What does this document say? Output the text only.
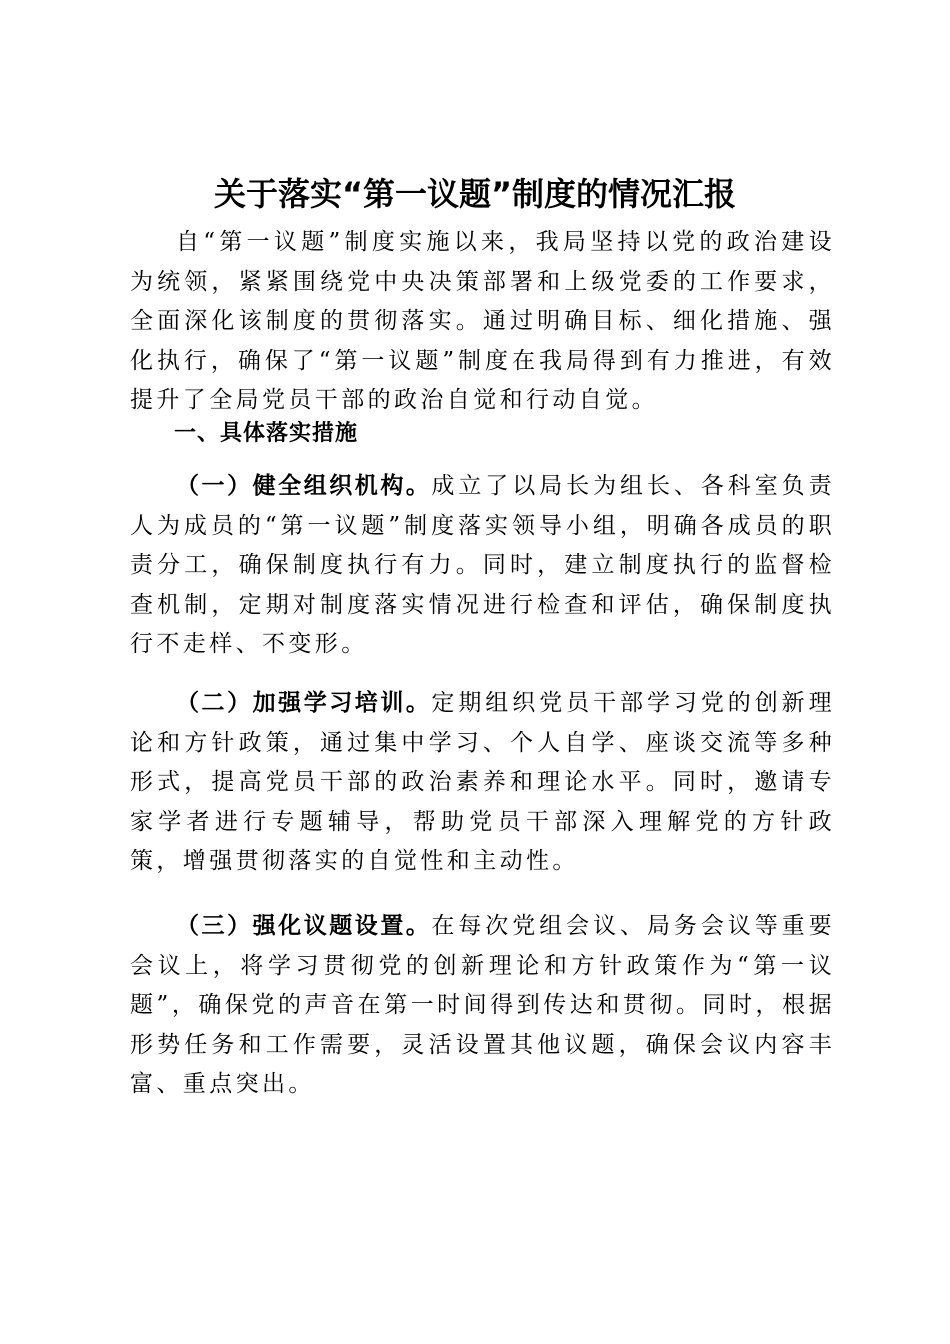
关于落实“第一议题”制度的情况汇报

自“第一议题”制度实施以来，我局坚持以党的政治建设为统领，紧紧围绕党中央决策部署和上级党委的工作要求，全面深化该制度的贯彻落实。通过明确目标、细化措施、强化执行，确保了“第一议题”制度在我局得到有力推进，有效提升了全局党员干部的政治自觉和行动自觉。

一、具体落实措施

（一）健全组织机构。成立了以局长为组长、各科室负责人为成员的“第一议题”制度落实领导小组，明确各成员的职责分工，确保制度执行有力。同时，建立制度执行的监督检查机制，定期对制度落实情况进行检查和评估，确保制度执行不走样、不变形。

（二）加强学习培训。定期组织党员干部学习党的创新理论和方针政策，通过集中学习、个人自学、座谈交流等多种形式，提高党员干部的政治素养和理论水平。同时，邀请专家学者进行专题辅导，帮助党员干部深入理解党的方针政策，增强贯彻落实的自觉性和主动性。

（三）强化议题设置。在每次党组会议、局务会议等重要会议上，将学习贯彻党的创新理论和方针政策作为“第一议题”，确保党的声音在第一时间得到传达和贯彻。同时，根据形势任务和工作需要，灵活设置其他议题，确保会议内容丰富、重点突出。
